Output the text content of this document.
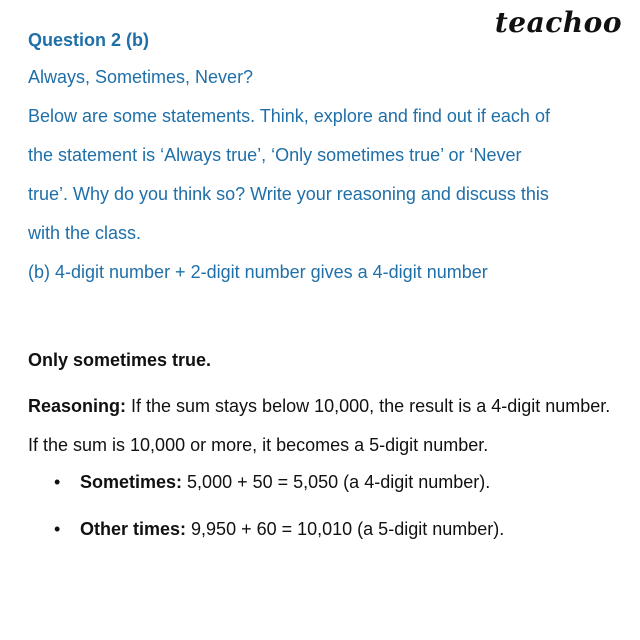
teachoo
Question 2 (b)
Always, Sometimes, Never?
Below are some statements. Think, explore and find out if each of
the statement is ‘Always true’, ‘Only sometimes true’ or ‘Never
true’. Why do you think so? Write your reasoning and discuss this
with the class.
(b) 4-digit number + 2-digit number gives a 4-digit number
Only sometimes true.
Reasoning: If the sum stays below 10,000, the result is a 4-digit number. If the sum is 10,000 or more, it becomes a 5-digit number.
• Sometimes: 5,000 + 50 = 5,050 (a 4-digit number).
• Other times: 9,950 + 60 = 10,010 (a 5-digit number).
